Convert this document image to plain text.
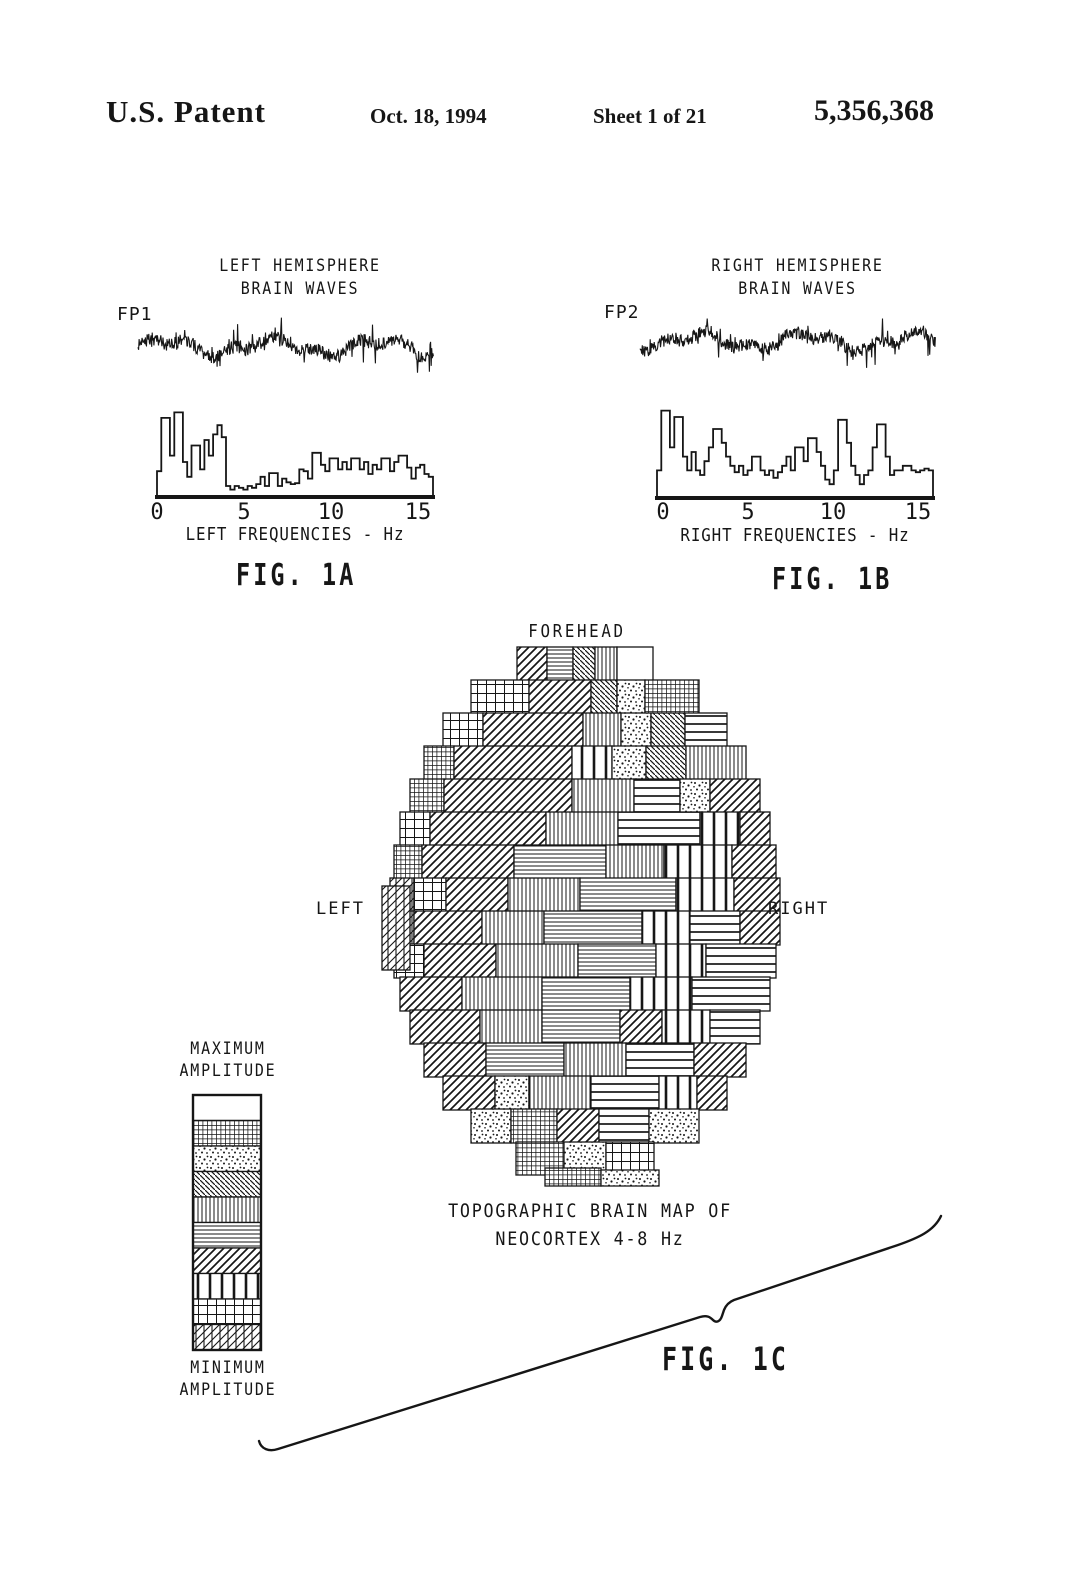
U.S. Patent	Oct. 18, 1994	Sheet 1 of 21	5,356,368
LEFT HEMISPHERE
BRAIN WAVES
FP1
0	5	10	15
LEFT FREQUENCIES - Hz
FIG. 1A
RIGHT HEMISPHERE
BRAIN WAVES
FP2
0	5	10	15
RIGHT FREQUENCIES - Hz
FIG. 1B
FOREHEAD
LEFT	RIGHT
MAXIMUM
AMPLITUDE
MINIMUM
AMPLITUDE
TOPOGRAPHIC BRAIN MAP OF
NEOCORTEX 4-8 Hz
FIG. 1C
